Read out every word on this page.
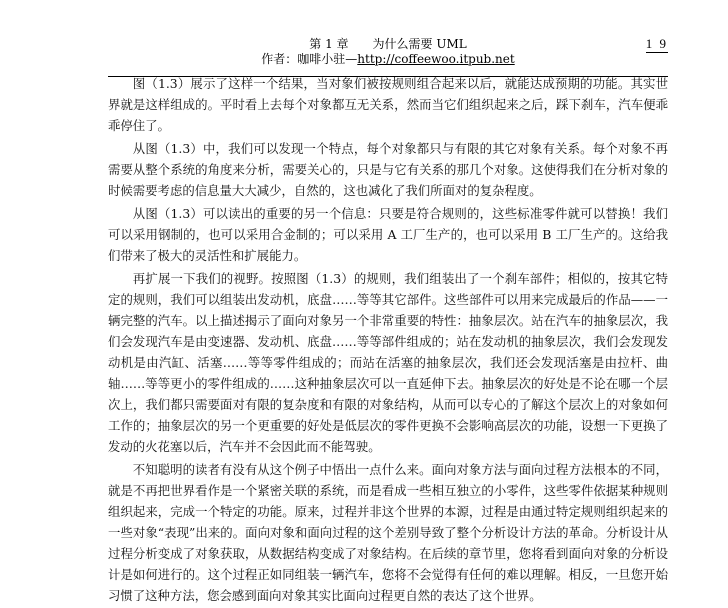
第 1 章　　为什么需要 UML
作者：咖啡小驻—http://coffeewoo.itpub.net
1 9

图（1.3）展示了这样一个结果，当对象们被按规则组合起来以后，就能达成预期的功能。其实世界就是这样组成的。平时看上去每个对象都互无关系，然而当它们组织起来之后，踩下刹车，汽车便乖乖停住了。

从图（1.3）中，我们可以发现一个特点，每个对象都只与有限的其它对象有关系。每个对象不再需要从整个系统的角度来分析，需要关心的，只是与它有关系的那几个对象。这使得我们在分析对象的时候需要考虑的信息量大大减少，自然的，这也减化了我们所面对的复杂程度。

从图（1.3）可以读出的重要的另一个信息：只要是符合规则的，这些标准零件就可以替换！我们可以采用钢制的，也可以采用合金制的；可以采用 A 工厂生产的，也可以采用 B 工厂生产的。这给我们带来了极大的灵活性和扩展能力。

再扩展一下我们的视野。按照图（1.3）的规则，我们组装出了一个刹车部件；相似的，按其它特定的规则，我们可以组装出发动机，底盘……等等其它部件。这些部件可以用来完成最后的作品——一辆完整的汽车。以上描述揭示了面向对象另一个非常重要的特性：抽象层次。站在汽车的抽象层次，我们会发现汽车是由变速器、发动机、底盘……等等部件组成的；站在发动机的抽象层次，我们会发现发动机是由汽缸、活塞……等等零件组成的；而站在活塞的抽象层次，我们还会发现活塞是由拉杆、曲轴……等等更小的零件组成的……这种抽象层次可以一直延伸下去。抽象层次的好处是不论在哪一个层次上，我们都只需要面对有限的复杂度和有限的对象结构，从而可以专心的了解这个层次上的对象如何工作的；抽象层次的另一个更重要的好处是低层次的零件更换不会影响高层次的功能，设想一下更换了发动的火花塞以后，汽车并不会因此而不能驾驶。

不知聪明的读者有没有从这个例子中悟出一点什么来。面向对象方法与面向过程方法根本的不同，就是不再把世界看作是一个紧密关联的系统，而是看成一些相互独立的小零件，这些零件依据某种规则组织起来，完成一个特定的功能。原来，过程并非这个世界的本源，过程是由通过特定规则组织起来的一些对象“表现”出来的。面向对象和面向过程的这个差别导致了整个分析设计方法的革命。分析设计从过程分析变成了对象获取，从数据结构变成了对象结构。在后续的章节里，您将看到面向对象的分析设计是如何进行的。这个过程正如同组装一辆汽车，您将不会觉得有任何的难以理解。相反，一旦您开始习惯了这种方法，您会感到面向对象其实比面向过程更自然的表达了这个世界。
